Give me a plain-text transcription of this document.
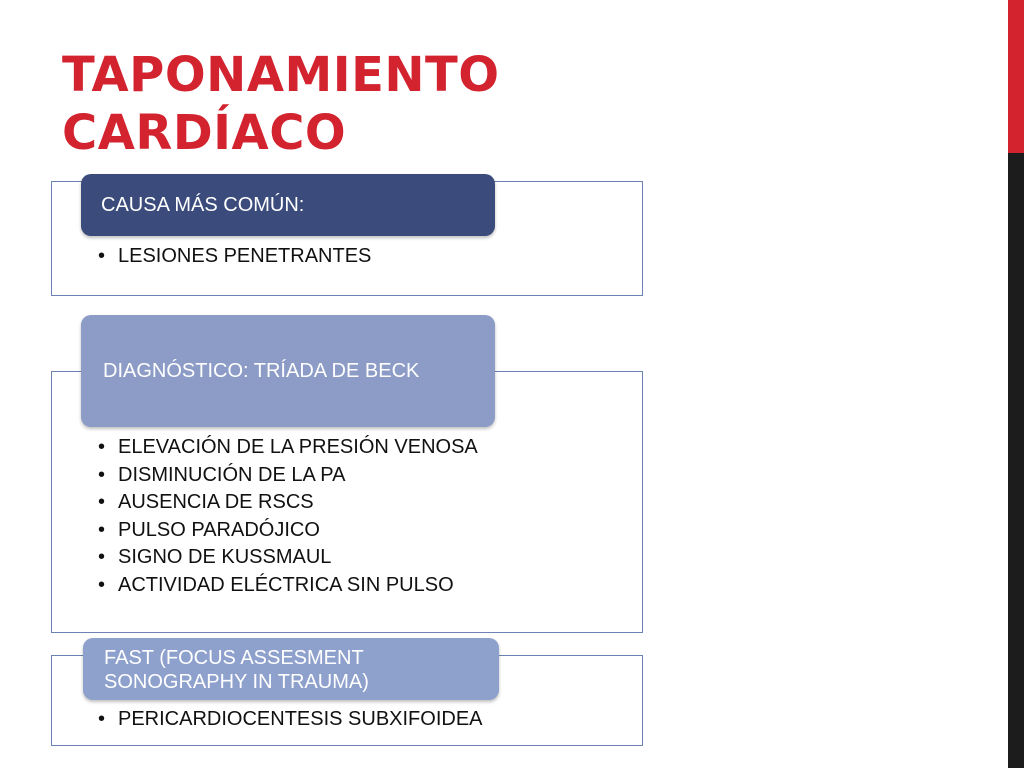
TAPONAMIENTO
CARDÍACO
CAUSA MÁS COMÚN:
• LESIONES PENETRANTES
DIAGNÓSTICO: TRÍADA DE BECK
• ELEVACIÓN DE LA PRESIÓN VENOSA
• DISMINUCIÓN DE LA PA
• AUSENCIA DE RSCS
• PULSO PARADÓJICO
• SIGNO DE KUSSMAUL
• ACTIVIDAD ELÉCTRICA SIN PULSO
FAST (FOCUS ASSESMENT SONOGRAPHY IN TRAUMA)
• PERICARDIOCENTESIS SUBXIFOIDEA
